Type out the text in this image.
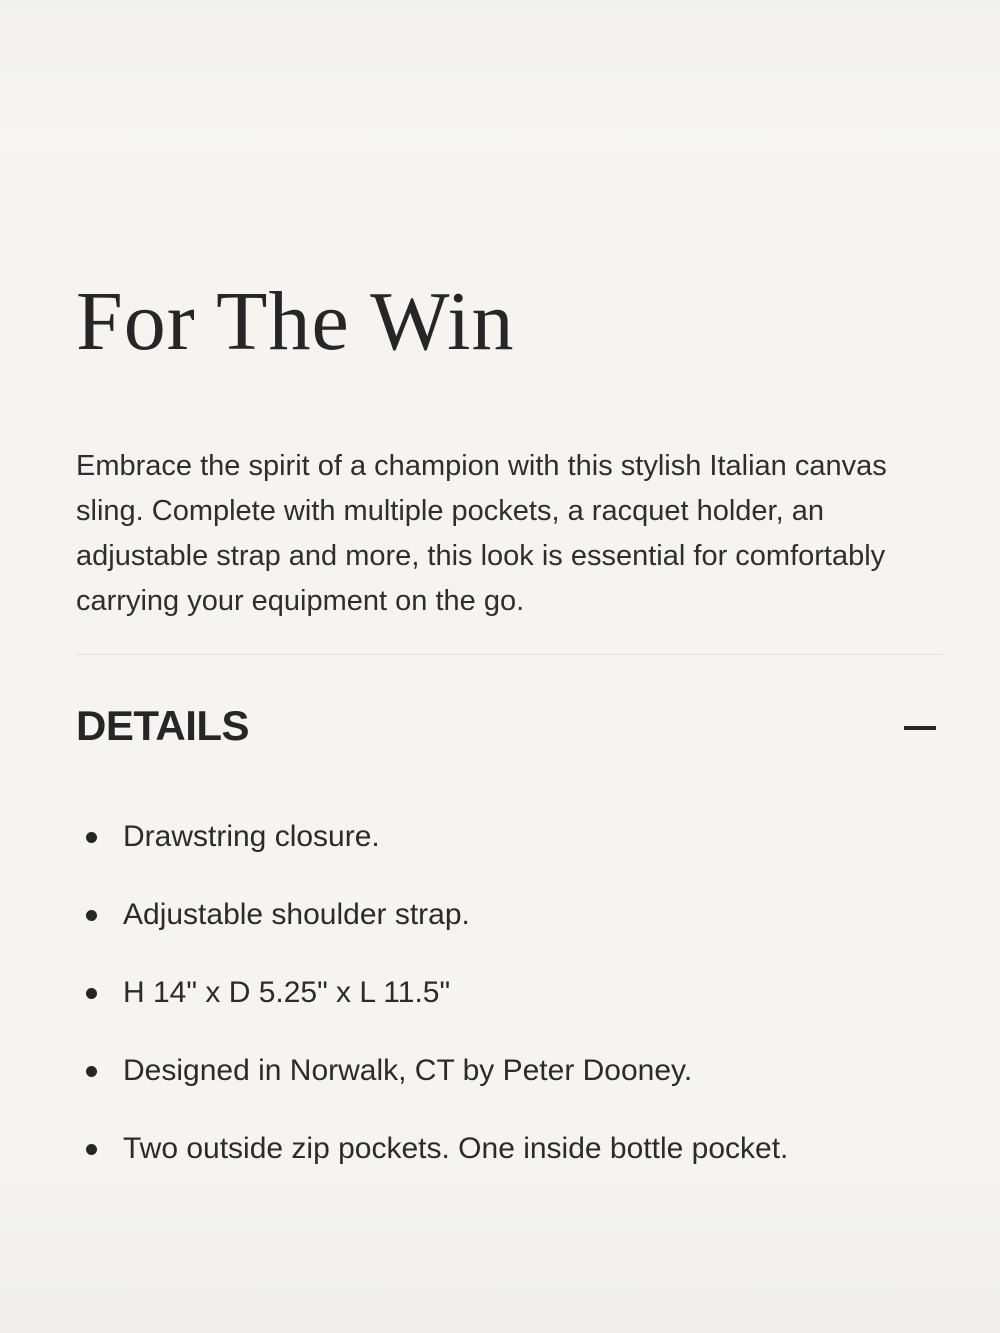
For The Win

Embrace the spirit of a champion with this stylish Italian canvas sling. Complete with multiple pockets, a racquet holder, an adjustable strap and more, this look is essential for comfortably carrying your equipment on the go.

DETAILS
Drawstring closure.
Adjustable shoulder strap.
H 14" x D 5.25" x L 11.5"
Designed in Norwalk, CT by Peter Dooney.
Two outside zip pockets. One inside bottle pocket.
